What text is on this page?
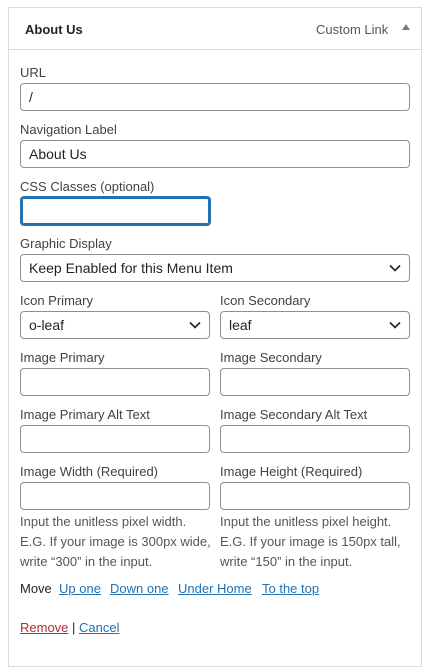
About Us	Custom Link
URL
/
Navigation Label
About Us
CSS Classes (optional)
Graphic Display
Keep Enabled for this Menu Item
Icon Primary	Icon Secondary
o-leaf	leaf
Image Primary	Image Secondary
Image Primary Alt Text	Image Secondary Alt Text
Image Width (Required)	Image Height (Required)
Input the unitless pixel width. E.G. If your image is 300px wide, write “300” in the input.
Input the unitless pixel height. E.G. If your image is 150px tall, write “150” in the input.
Move Up one Down one Under Home To the top
Remove | Cancel
